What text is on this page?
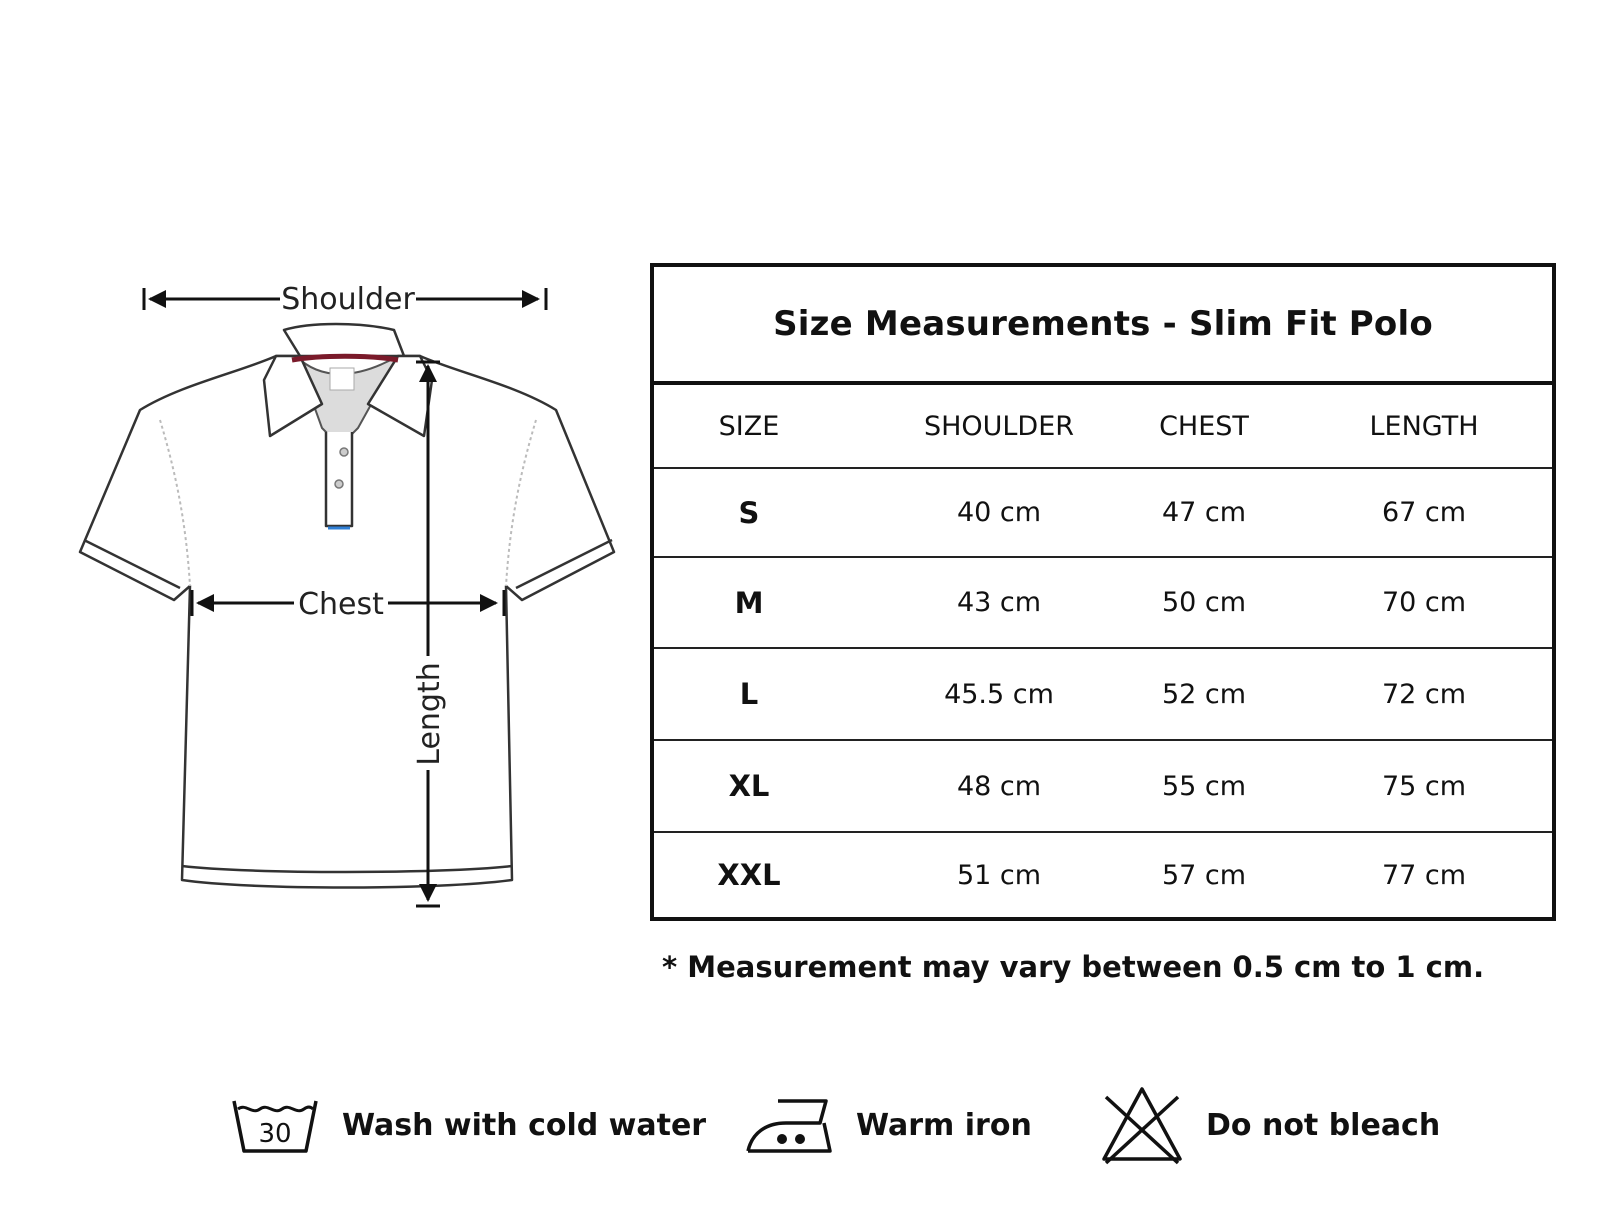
Shoulder
Chest
Length
Size Measurements - Slim Fit Polo
SIZE	SHOULDER	CHEST	LENGTH
S	40 cm	47 cm	67 cm
M	43 cm	50 cm	70 cm
L	45.5 cm	52 cm	72 cm
XL	48 cm	55 cm	75 cm
XXL	51 cm	57 cm	77 cm
* Measurement may vary between 0.5 cm to 1 cm.
30 Wash with cold water	Warm iron	Do not bleach
